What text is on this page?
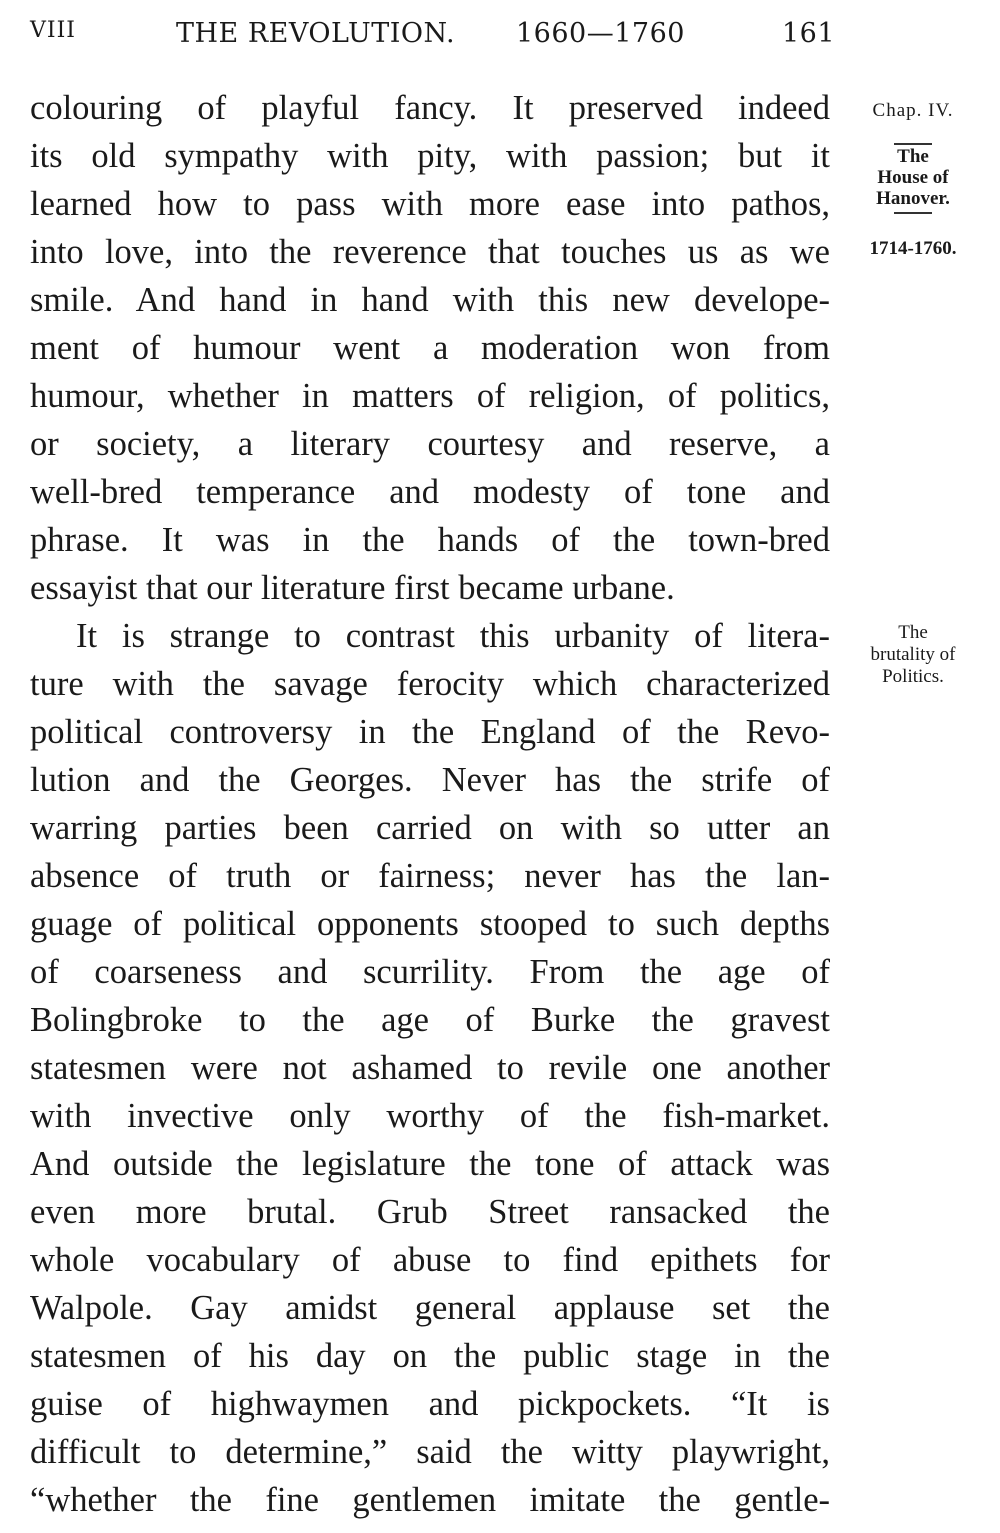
VIII	THE REVOLUTION. 1660—1760	161
colouring of playful fancy. It preserved indeed
its old sympathy with pity, with passion; but it
learned how to pass with more ease into pathos,
into love, into the reverence that touches us as we
smile. And hand in hand with this new develope-
ment of humour went a moderation won from
humour, whether in matters of religion, of politics,
or society, a literary courtesy and reserve, a
well-bred temperance and modesty of tone and
phrase. It was in the hands of the town-bred
essayist that our literature first became urbane.
It is strange to contrast this urbanity of litera-
ture with the savage ferocity which characterized
political controversy in the England of the Revo-
lution and the Georges. Never has the strife of
warring parties been carried on with so utter an
absence of truth or fairness; never has the lan-
guage of political opponents stooped to such depths
of coarseness and scurrility. From the age of
Bolingbroke to the age of Burke the gravest
statesmen were not ashamed to revile one another
with invective only worthy of the fish-market.
And outside the legislature the tone of attack was
even more brutal. Grub Street ransacked the
whole vocabulary of abuse to find epithets for
Walpole. Gay amidst general applause set the
statesmen of his day on the public stage in the
guise of highwaymen and pickpockets. “It is
difficult to determine,” said the witty playwright,
“whether the fine gentlemen imitate the gentle-
Chap. IV.
The
House of
Hanover.
1714-1760.
The
brutality of
Politics.
